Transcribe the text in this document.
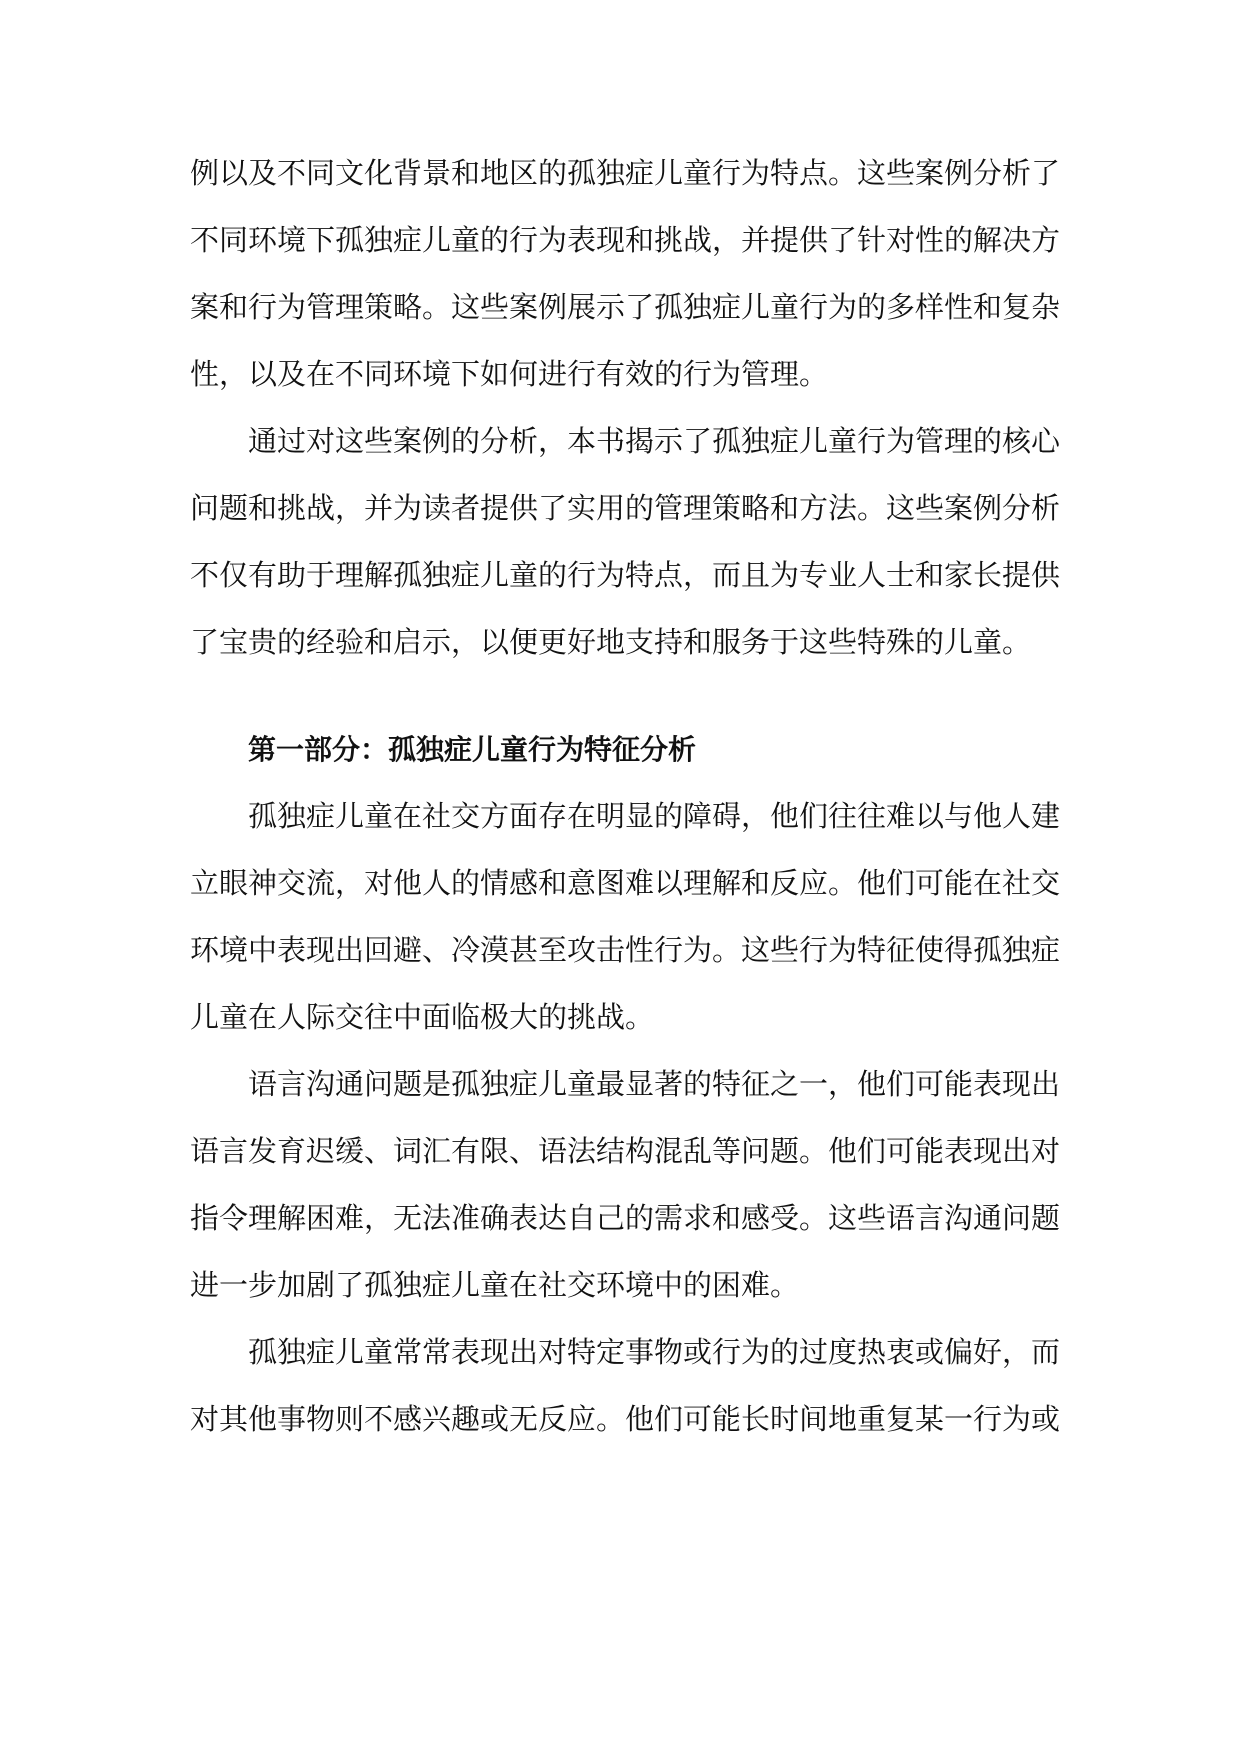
例以及不同文化背景和地区的孤独症儿童行为特点。这些案例分析了
不同环境下孤独症儿童的行为表现和挑战，并提供了针对性的解决方
案和行为管理策略。这些案例展示了孤独症儿童行为的多样性和复杂
性，以及在不同环境下如何进行有效的行为管理。
通过对这些案例的分析，本书揭示了孤独症儿童行为管理的核心
问题和挑战，并为读者提供了实用的管理策略和方法。这些案例分析
不仅有助于理解孤独症儿童的行为特点，而且为专业人士和家长提供
了宝贵的经验和启示，以便更好地支持和服务于这些特殊的儿童。
第一部分：孤独症儿童行为特征分析
孤独症儿童在社交方面存在明显的障碍，他们往往难以与他人建
立眼神交流，对他人的情感和意图难以理解和反应。他们可能在社交
环境中表现出回避、冷漠甚至攻击性行为。这些行为特征使得孤独症
儿童在人际交往中面临极大的挑战。
语言沟通问题是孤独症儿童最显著的特征之一，他们可能表现出
语言发育迟缓、词汇有限、语法结构混乱等问题。他们可能表现出对
指令理解困难，无法准确表达自己的需求和感受。这些语言沟通问题
进一步加剧了孤独症儿童在社交环境中的困难。
孤独症儿童常常表现出对特定事物或行为的过度热衷或偏好，而
对其他事物则不感兴趣或无反应。他们可能长时间地重复某一行为或
